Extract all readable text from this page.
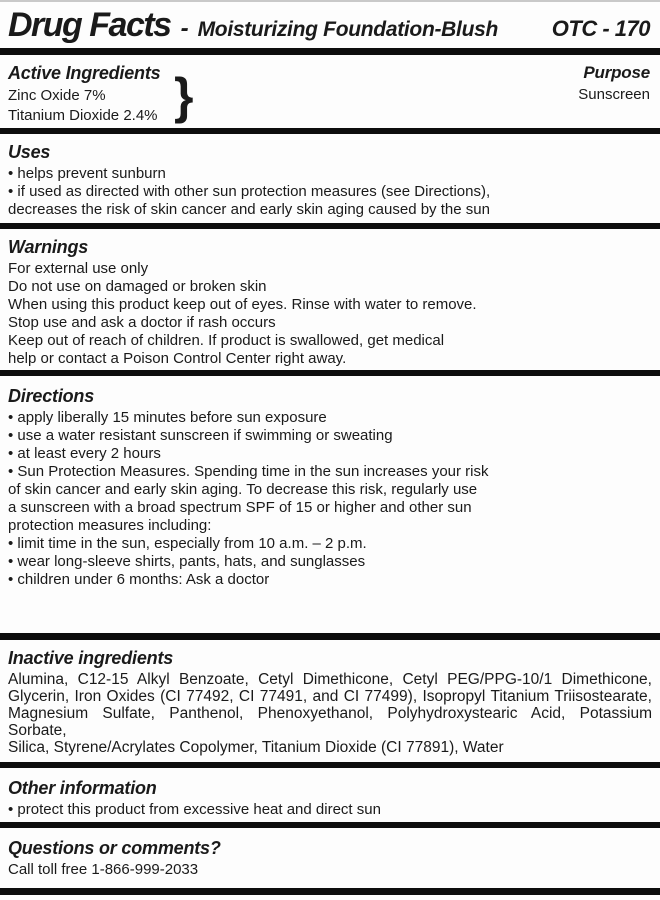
Drug Facts - Moisturizing Foundation-Blush OTC - 170
Active Ingredients
Zinc Oxide 7%
Titanium Dioxide 2.4% }	Purpose
Sunscreen
Uses
• helps prevent sunburn
• if used as directed with other sun protection measures (see Directions),
decreases the risk of skin cancer and early skin aging caused by the sun
Warnings
For external use only
Do not use on damaged or broken skin
When using this product keep out of eyes. Rinse with water to remove.
Stop use and ask a doctor if rash occurs
Keep out of reach of children. If product is swallowed, get medical
help or contact a Poison Control Center right away.
Directions
• apply liberally 15 minutes before sun exposure
• use a water resistant sunscreen if swimming or sweating
• at least every 2 hours
• Sun Protection Measures. Spending time in the sun increases your risk
of skin cancer and early skin aging. To decrease this risk, regularly use
a sunscreen with a broad spectrum SPF of 15 or higher and other sun
protection measures including:
• limit time in the sun, especially from 10 a.m. – 2 p.m.
• wear long-sleeve shirts, pants, hats, and sunglasses
• children under 6 months: Ask a doctor
Inactive ingredients
Alumina, C12-15 Alkyl Benzoate, Cetyl Dimethicone, Cetyl PEG/PPG-10/1 Dimethicone,
Glycerin, Iron Oxides (CI 77492, CI 77491, and CI 77499), Isopropyl Titanium Triisostearate,
Magnesium Sulfate, Panthenol, Phenoxyethanol, Polyhydroxystearic Acid, Potassium Sorbate,
Silica, Styrene/Acrylates Copolymer, Titanium Dioxide (CI 77891), Water
Other information
• protect this product from excessive heat and direct sun
Questions or comments?
Call toll free 1-866-999-2033
